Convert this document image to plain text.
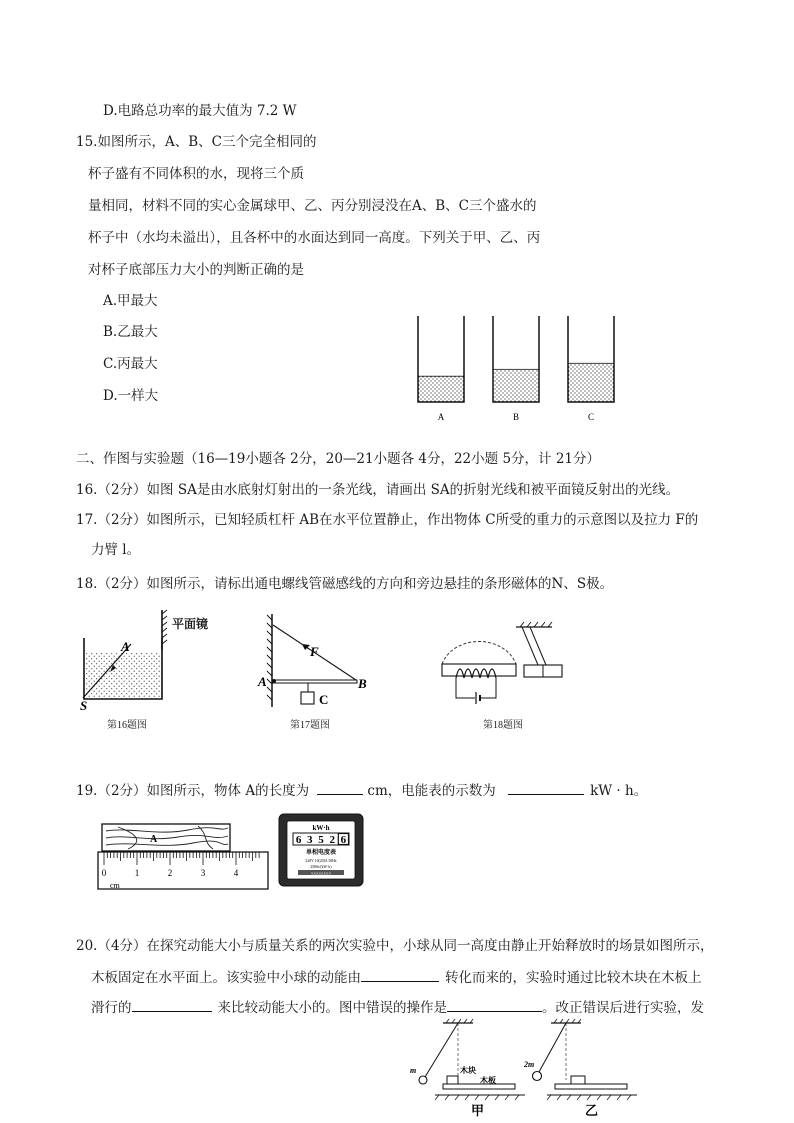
D.电路总功率的最大值为 7.2 W
15.如图所示，A、B、C三个完全相同的
杯子盛有不同体积的水，现将三个质
量相同，材料不同的实心金属球甲、乙、丙分别浸没在A、B、C三个盛水的
杯子中（水均未溢出），且各杯中的水面达到同一高度。下列关于甲、乙、丙
对杯子底部压力大小的判断正确的是
A.甲最大
B.乙最大
C.丙最大
D.一样大
A	B	C
二、作图与实验题（16—19小题各 2分，20—21小题各 4分，22小题 5分，计 21分）
16.（2分）如图 SA是由水底射灯射出的一条光线，请画出 SA的折射光线和被平面镜反射出的光线。
17.（2分）如图所示，已知轻质杠杆 AB在水平位置静止，作出物体 C所受的重力的示意图以及拉力 F的
力臂 l。
18.（2分）如图所示，请标出通电螺线管磁感线的方向和旁边悬挂的条形磁体的N、S极。
A
S
平面镜
第16题图
F
A	B
C
第17题图	第18题图
19.（2分）如图所示，物体 A的长度为	cm，电能表的示数为	kW · h。
A
0	1	2	3	4
cm
kW·h
6 3 5 2 6
单相电度表
220V 10(20)A 50Hz
2500r/(kW·h)
XXXXXXXX
20.（4分）在探究动能大小与质量关系的两次实验中，小球从同一高度由静止开始释放时的场景如图所示，
木板固定在水平面上。该实验中小球的动能由	转化而来的，实验时通过比较木块在木板上
滑行的	来比较动能大小的。图中错误的操作是	。改正错误后进行实验，发
m	木块
木板
甲
2m
乙
